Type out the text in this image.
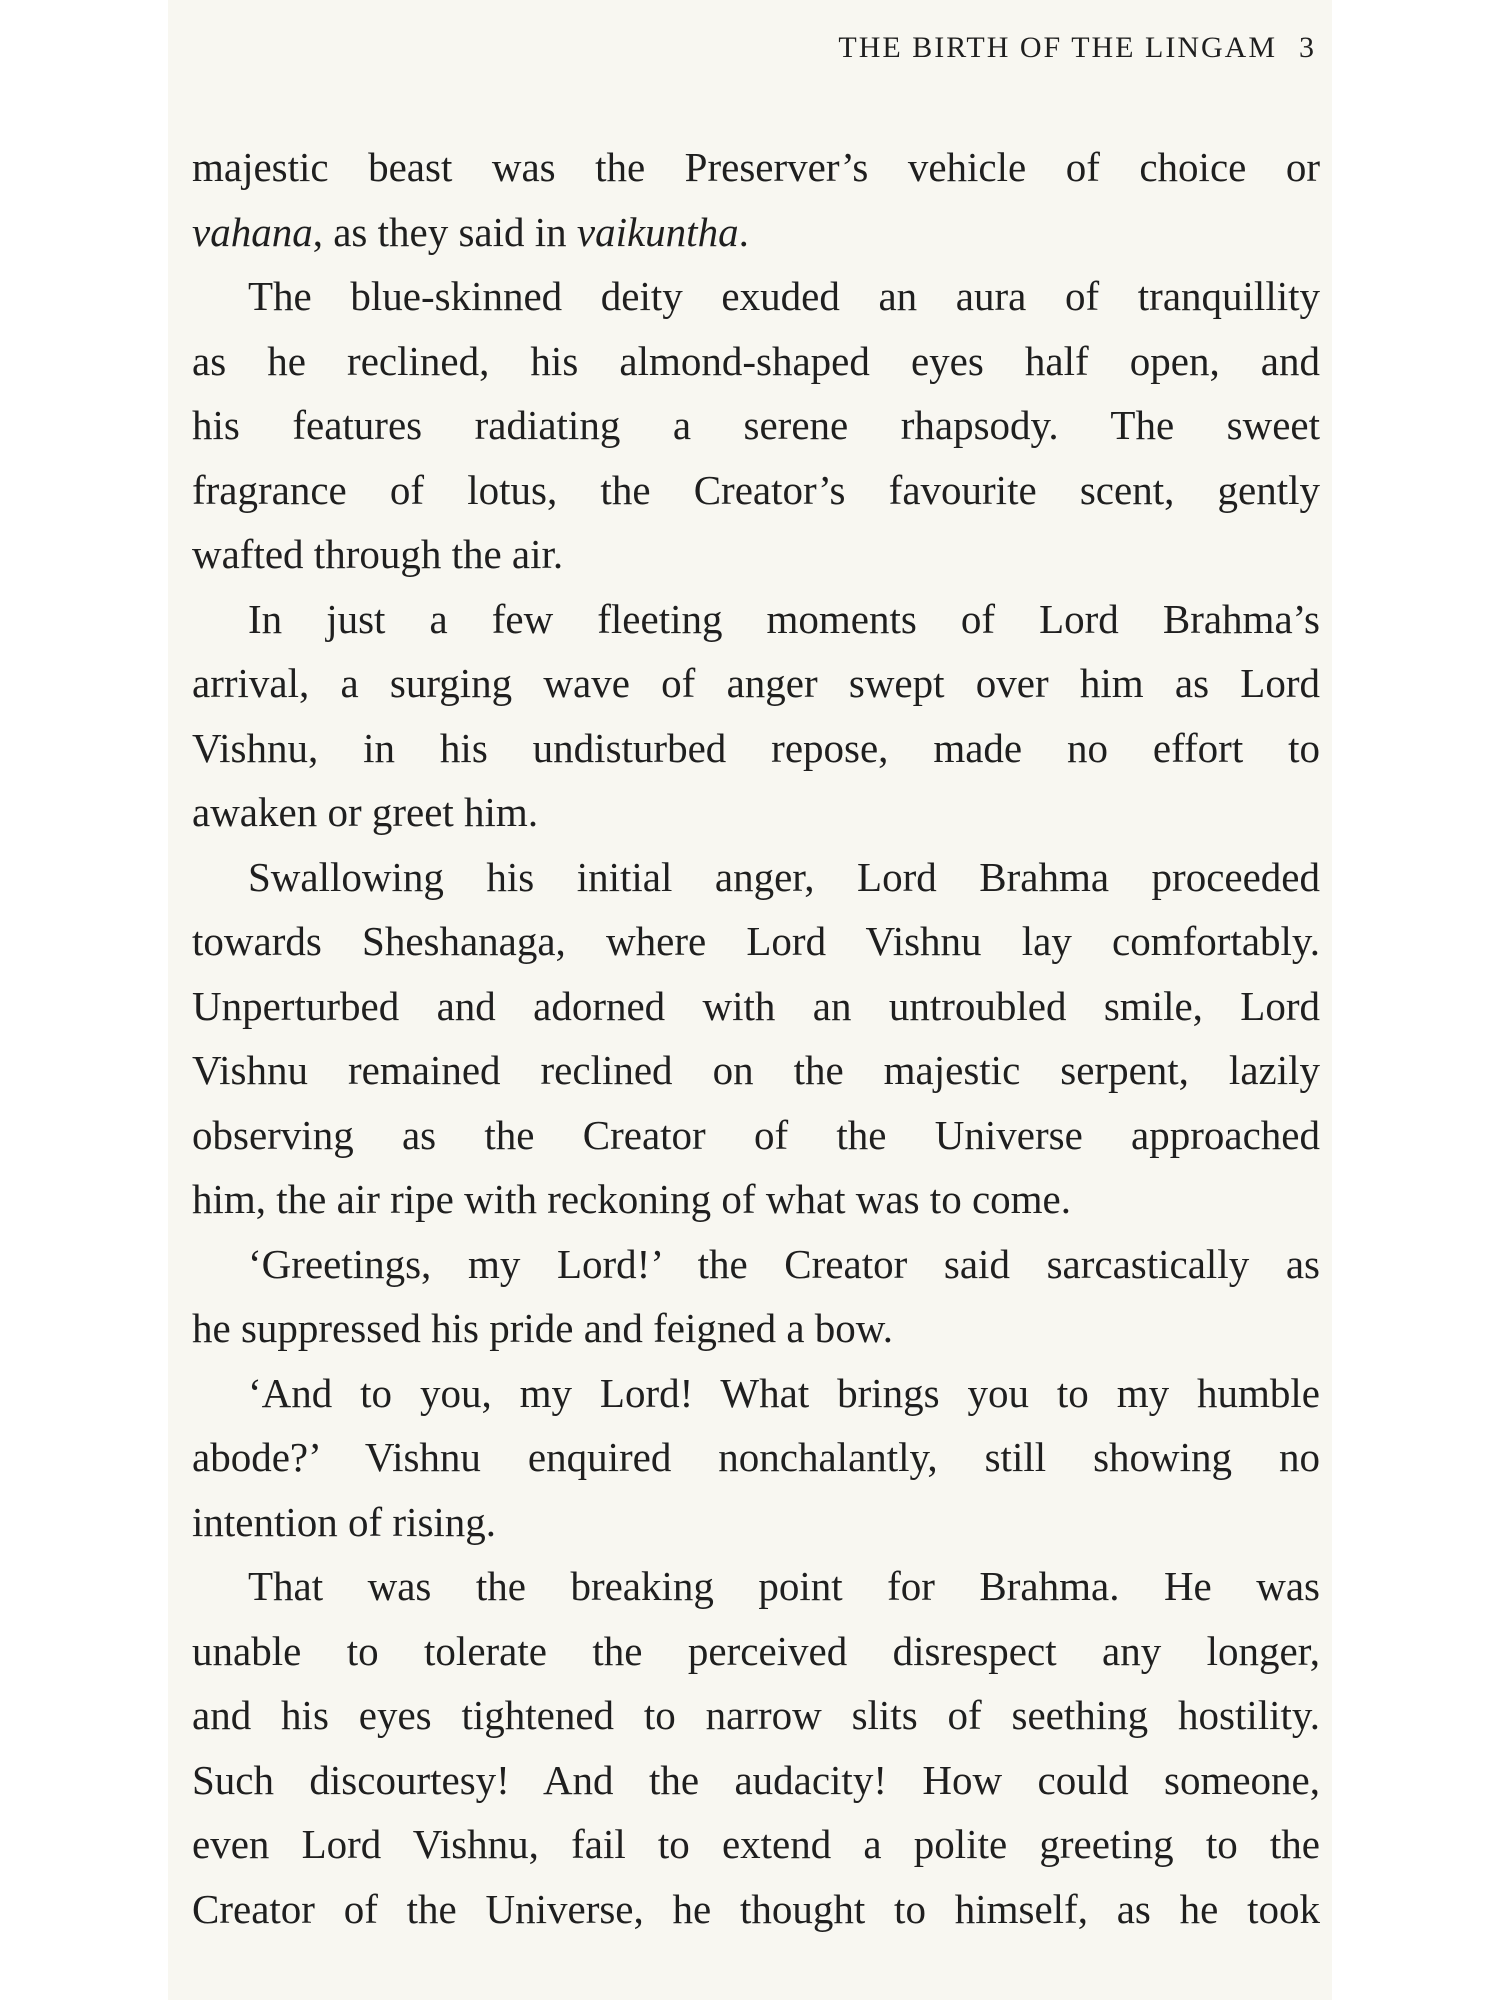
THE BIRTH OF THE LINGAM 3
majestic beast was the Preserver’s vehicle of choice or
vahana, as they said in vaikuntha.
The blue-skinned deity exuded an aura of tranquillity
as he reclined, his almond-shaped eyes half open, and
his features radiating a serene rhapsody. The sweet
fragrance of lotus, the Creator’s favourite scent, gently
wafted through the air.
In just a few fleeting moments of Lord Brahma’s
arrival, a surging wave of anger swept over him as Lord
Vishnu, in his undisturbed repose, made no effort to
awaken or greet him.
Swallowing his initial anger, Lord Brahma proceeded
towards Sheshanaga, where Lord Vishnu lay comfortably.
Unperturbed and adorned with an untroubled smile, Lord
Vishnu remained reclined on the majestic serpent, lazily
observing as the Creator of the Universe approached
him, the air ripe with reckoning of what was to come.
‘Greetings, my Lord!’ the Creator said sarcastically as
he suppressed his pride and feigned a bow.
‘And to you, my Lord! What brings you to my humble
abode?’ Vishnu enquired nonchalantly, still showing no
intention of rising.
That was the breaking point for Brahma. He was
unable to tolerate the perceived disrespect any longer,
and his eyes tightened to narrow slits of seething hostility.
Such discourtesy! And the audacity! How could someone,
even Lord Vishnu, fail to extend a polite greeting to the
Creator of the Universe, he thought to himself, as he took
